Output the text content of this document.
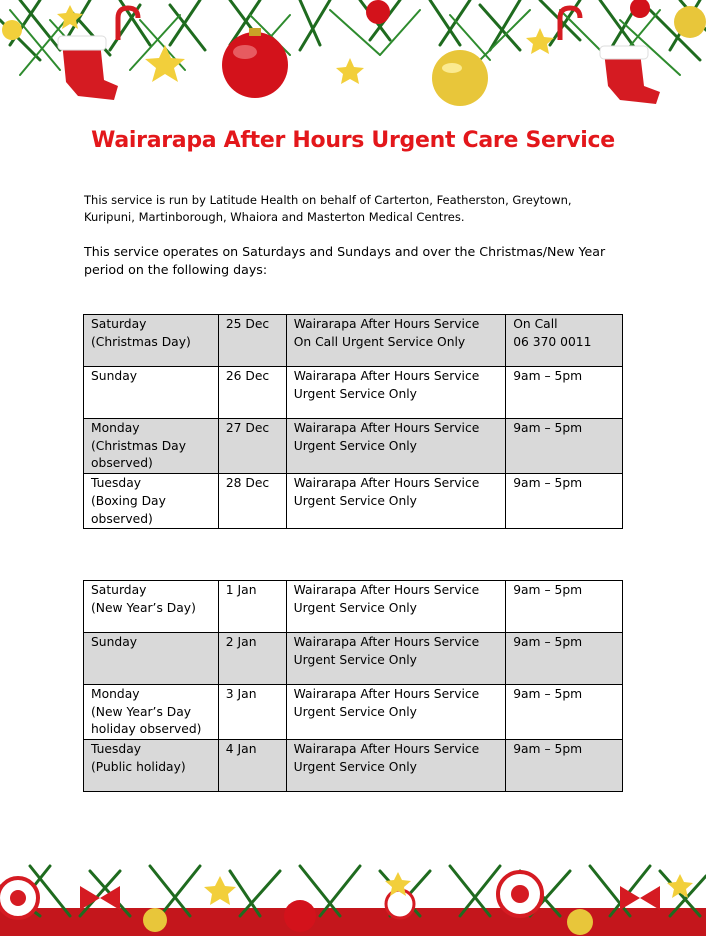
Wairarapa After Hours Urgent Care Service
This service is run by Latitude Health on behalf of Carterton, Featherston, Greytown, Kuripuni, Martinborough, Whaiora and Masterton Medical Centres.
This service operates on Saturdays and Sundays and over the Christmas/New Year period on the following days:
Saturday
(Christmas Day)	25 Dec	Wairarapa After Hours Service
On Call Urgent Service Only	On Call
06 370 0011

Sunday	26 Dec	Wairarapa After Hours Service
Urgent Service Only	9am – 5pm

Monday
(Christmas Day
observed)	27 Dec	Wairarapa After Hours Service
Urgent Service Only	9am – 5pm

Tuesday
(Boxing Day
observed)	28 Dec	Wairarapa After Hours Service
Urgent Service Only	9am – 5pm
Saturday
(New Year’s Day)	1 Jan	Wairarapa After Hours Service
Urgent Service Only	9am – 5pm

Sunday	2 Jan	Wairarapa After Hours Service
Urgent Service Only	9am – 5pm

Monday
(New Year’s Day
holiday observed)	3 Jan	Wairarapa After Hours Service
Urgent Service Only	9am – 5pm

Tuesday
(Public holiday)	4 Jan	Wairarapa After Hours Service
Urgent Service Only	9am – 5pm
